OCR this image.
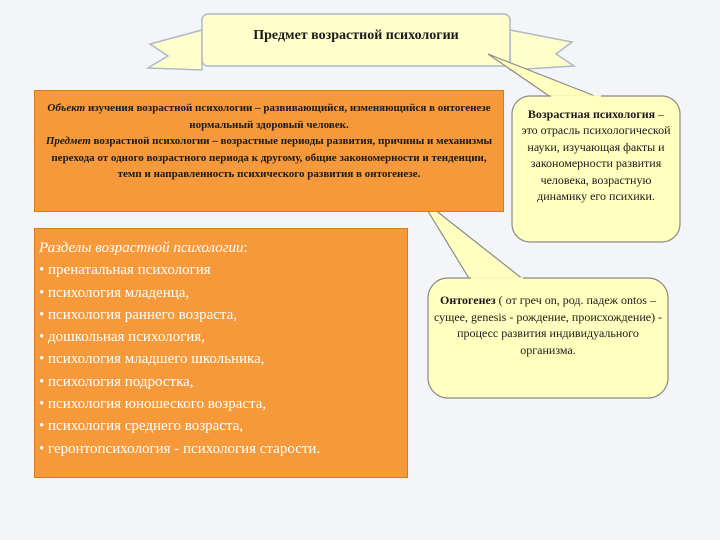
Предмет возрастной психологии
Объект изучения возрастной психологии – развивающийся, изменяющийся в онтогенезе нормальный здоровый человек.
Предмет возрастной психологии – возрастные периоды развития, причины и механизмы перехода от одного возрастного периода к другому, общие закономерности и тенденции, темп и направленность психического развития в онтогенезе.
Разделы возрастной психологии:
• пренатальная психология
• психология младенца,
• психология раннего возраста,
• дошкольная психология,
• психология младшего школьника,
• психология подростка,
• психология юношеского возраста,
• психология среднего возраста,
• геронтопсихология - психология старости.
Возрастная психология – это отрасль психологической науки, изучающая факты и закономерности развития человека, возрастную динамику его психики.
Онтогенез ( от греч on, род. падеж ontos – сущее, genesis - рождение, происхождение) - процесс развития индивидуального организма.
